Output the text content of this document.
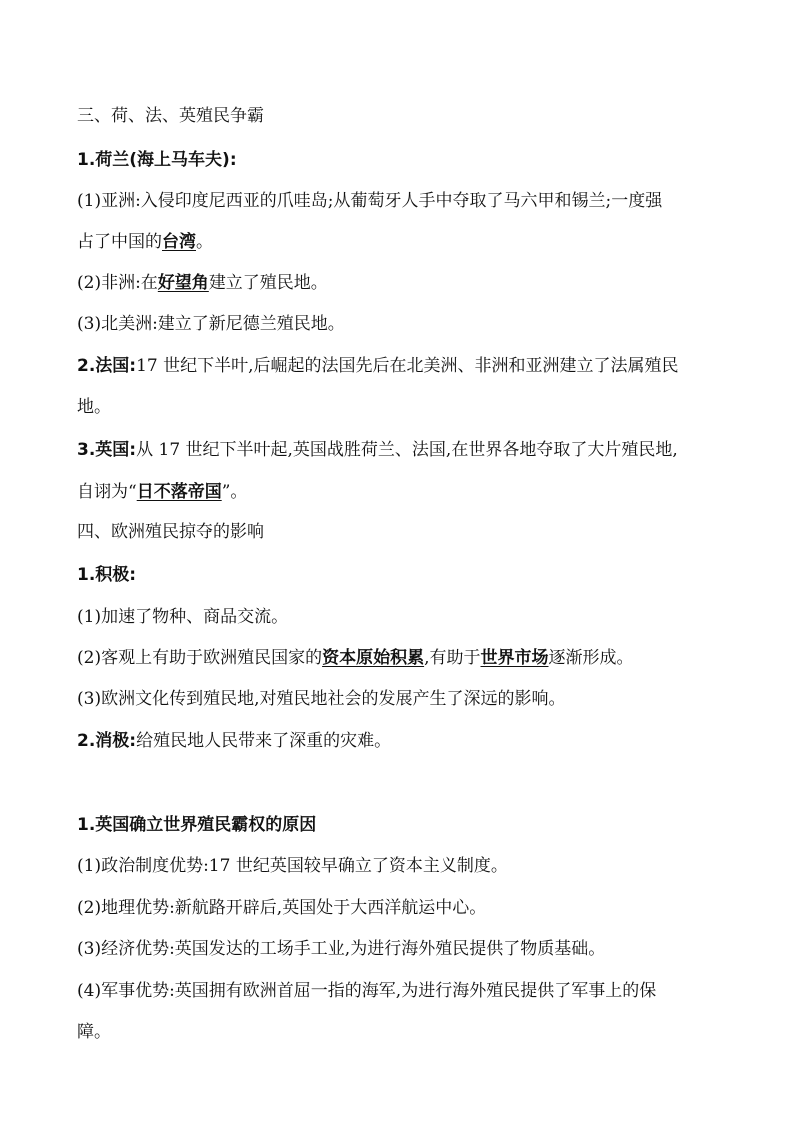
三、荷、法、英殖民争霸
1.荷兰(海上马车夫):
(1)亚洲:入侵印度尼西亚的爪哇岛;从葡萄牙人手中夺取了马六甲和锡兰;一度强
占了中国的台湾。
(2)非洲:在好望角建立了殖民地。
(3)北美洲:建立了新尼德兰殖民地。
2.法国:17 世纪下半叶,后崛起的法国先后在北美洲、非洲和亚洲建立了法属殖民
地。
3.英国:从 17 世纪下半叶起,英国战胜荷兰、法国,在世界各地夺取了大片殖民地,
自诩为“日不落帝国”。
四、欧洲殖民掠夺的影响
1.积极:
(1)加速了物种、商品交流。
(2)客观上有助于欧洲殖民国家的资本原始积累,有助于世界市场逐渐形成。
(3)欧洲文化传到殖民地,对殖民地社会的发展产生了深远的影响。
2.消极:给殖民地人民带来了深重的灾难。
1.英国确立世界殖民霸权的原因
(1)政治制度优势:17 世纪英国较早确立了资本主义制度。
(2)地理优势:新航路开辟后,英国处于大西洋航运中心。
(3)经济优势:英国发达的工场手工业,为进行海外殖民提供了物质基础。
(4)军事优势:英国拥有欧洲首屈一指的海军,为进行海外殖民提供了军事上的保
障。
